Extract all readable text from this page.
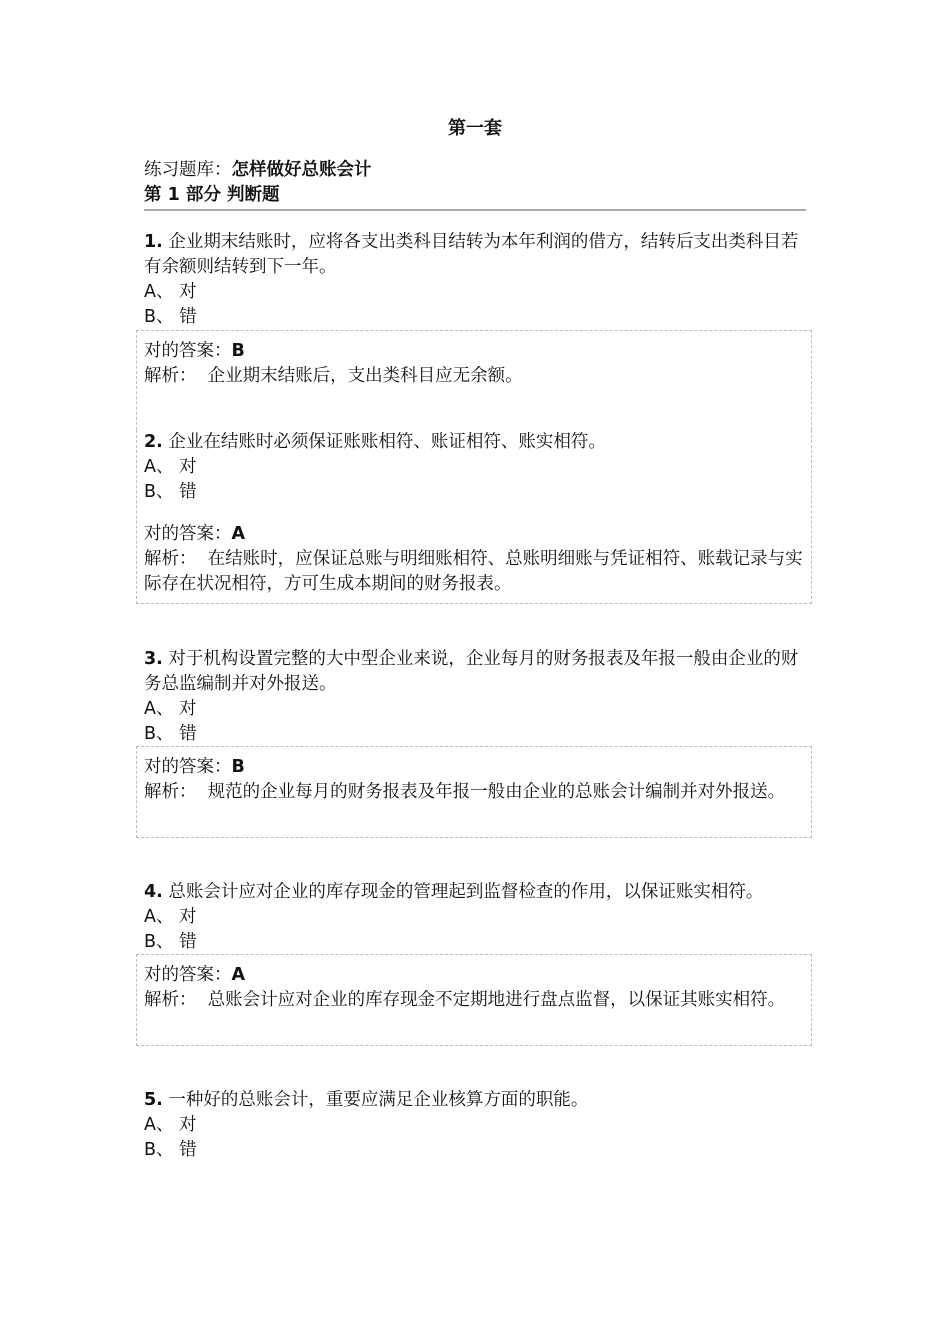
第一套
练习题库：怎样做好总账会计
第 1 部分 判断题
1. 企业期末结账时，应将各支出类科目结转为本年利润的借方，结转后支出类科目若有余额则结转到下一年。
A、 对
B、 错
对的答案：B
解析： 企业期末结账后，支出类科目应无余额。
2. 企业在结账时必须保证账账相符、账证相符、账实相符。
A、 对
B、 错
对的答案：A
解析： 在结账时，应保证总账与明细账相符、总账明细账与凭证相符、账载记录与实际存在状况相符，方可生成本期间的财务报表。
3. 对于机构设置完整的大中型企业来说，企业每月的财务报表及年报一般由企业的财务总监编制并对外报送。
A、 对
B、 错
对的答案：B
解析： 规范的企业每月的财务报表及年报一般由企业的总账会计编制并对外报送。
4. 总账会计应对企业的库存现金的管理起到监督检查的作用，以保证账实相符。
A、 对
B、 错
对的答案：A
解析： 总账会计应对企业的库存现金不定期地进行盘点监督，以保证其账实相符。
5. 一种好的总账会计，重要应满足企业核算方面的职能。
A、 对
B、 错
